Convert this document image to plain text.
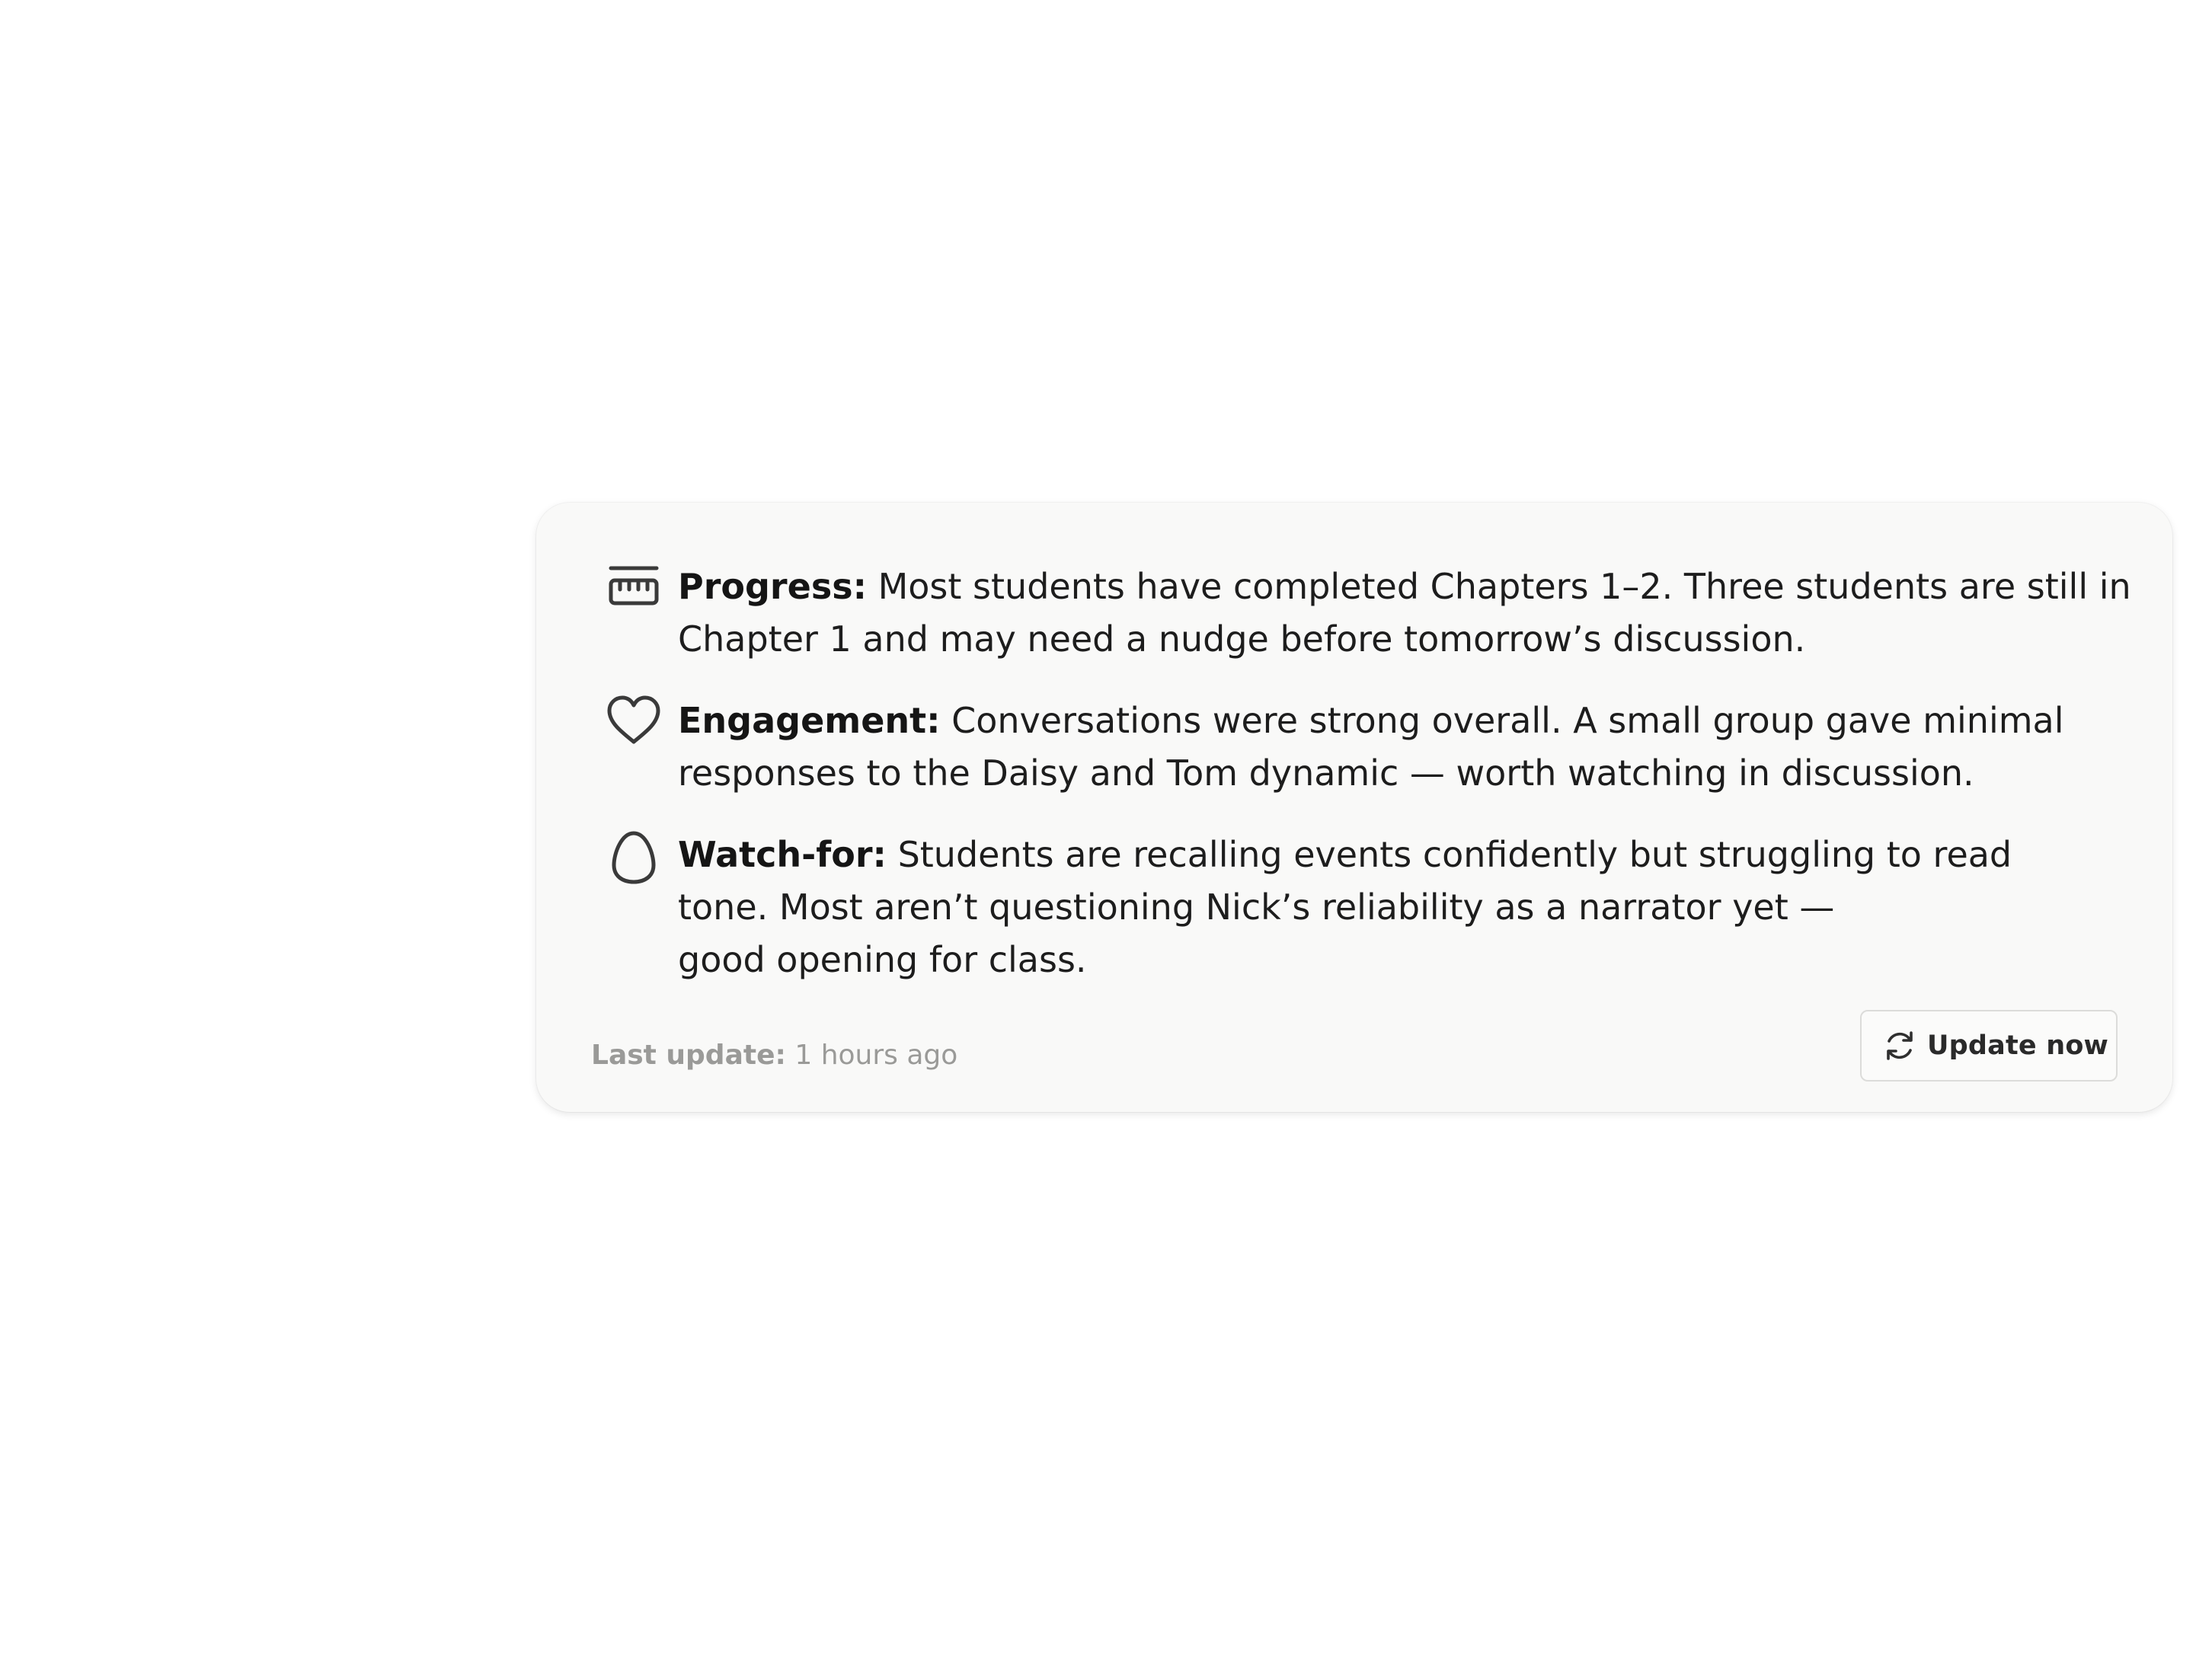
Progress: Most students have completed Chapters 1–2. Three students are still in
Chapter 1 and may need a nudge before tomorrow’s discussion.
Engagement: Conversations were strong overall. A small group gave minimal
responses to the Daisy and Tom dynamic — worth watching in discussion.
Watch-for: Students are recalling events confidently but struggling to read
tone. Most aren’t questioning Nick’s reliability as a narrator yet —
good opening for class.
Last update: 1 hours ago	Update now
